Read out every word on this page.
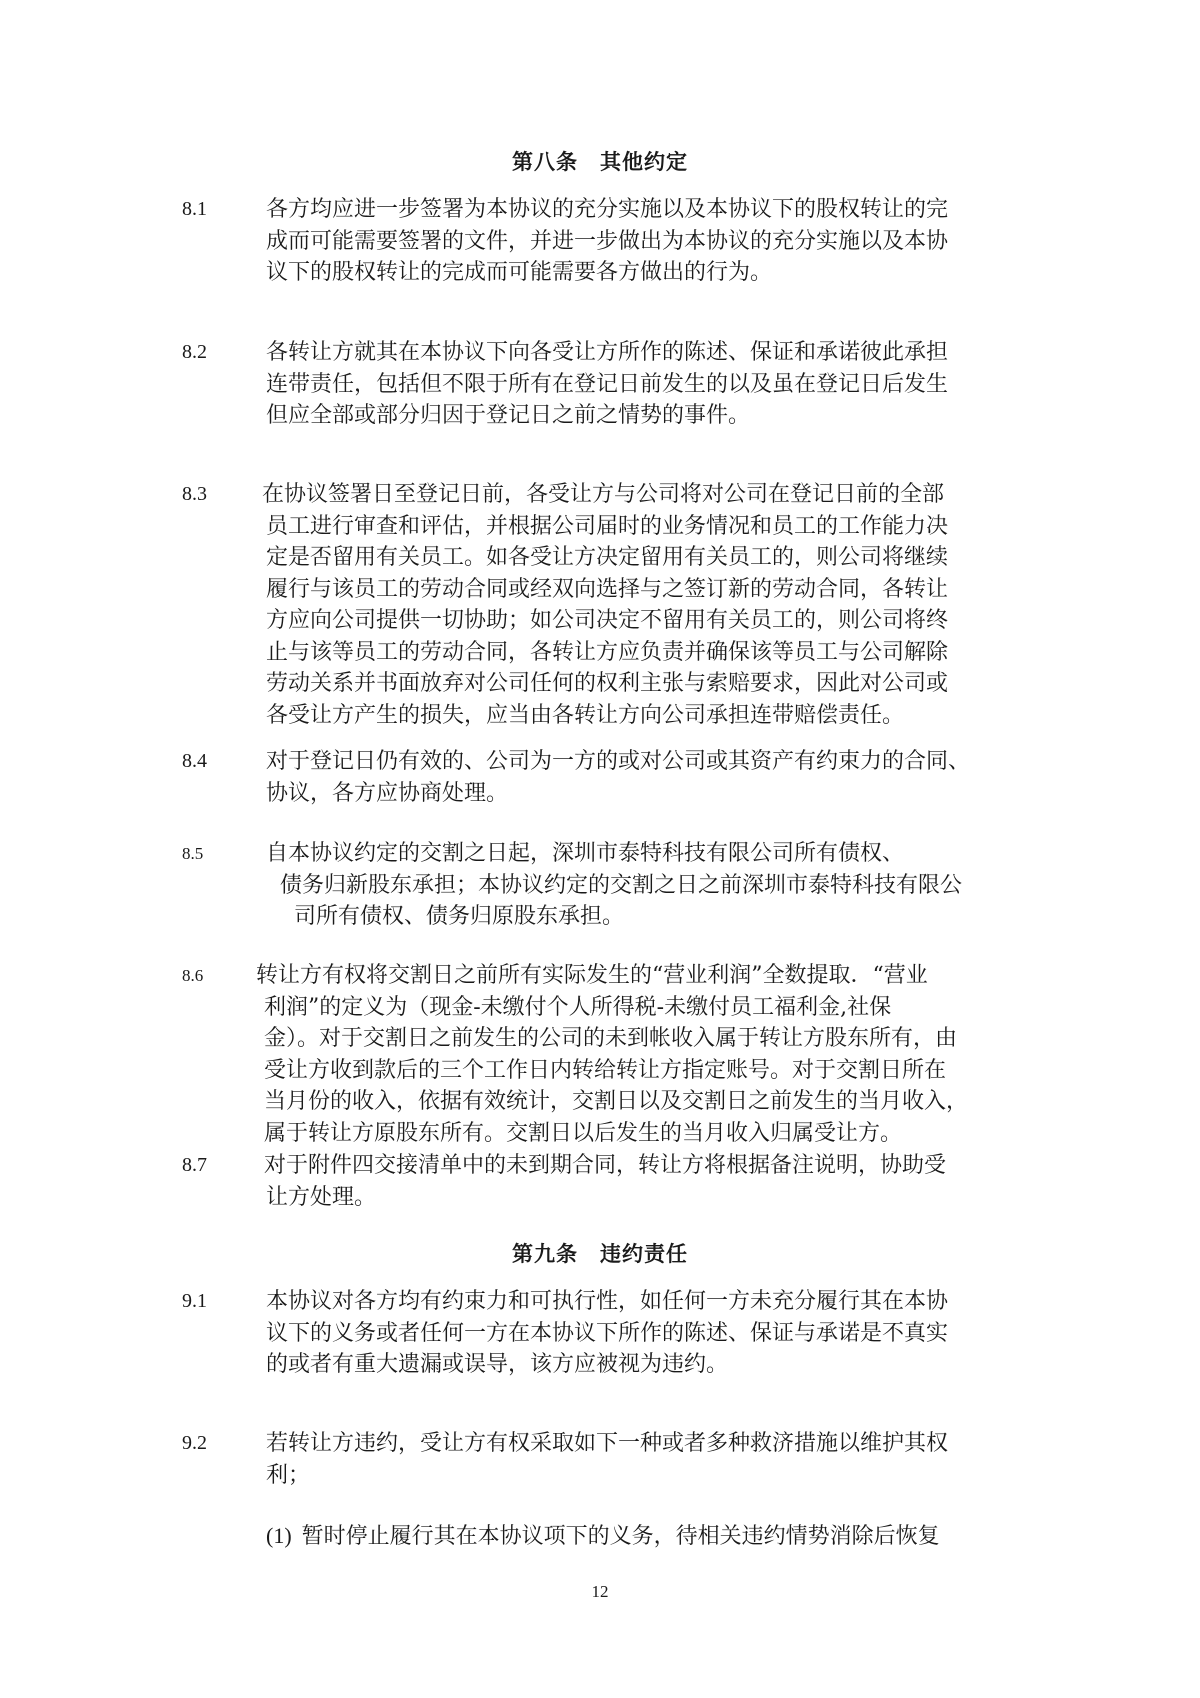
第八条　其他约定
8.1	各方均应进一步签署为本协议的充分实施以及本协议下的股权转让的完
成而可能需要签署的文件，并进一步做出为本协议的充分实施以及本协
议下的股权转让的完成而可能需要各方做出的行为。
8.2	各转让方就其在本协议下向各受让方所作的陈述、保证和承诺彼此承担
连带责任，包括但不限于所有在登记日前发生的以及虽在登记日后发生
但应全部或部分归因于登记日之前之情势的事件。
8.3	在协议签署日至登记日前，各受让方与公司将对公司在登记日前的全部
员工进行审查和评估，并根据公司届时的业务情况和员工的工作能力决
定是否留用有关员工。如各受让方决定留用有关员工的，则公司将继续
履行与该员工的劳动合同或经双向选择与之签订新的劳动合同，各转让
方应向公司提供一切协助；如公司决定不留用有关员工的，则公司将终
止与该等员工的劳动合同，各转让方应负责并确保该等员工与公司解除
劳动关系并书面放弃对公司任何的权利主张与索赔要求，因此对公司或
各受让方产生的损失，应当由各转让方向公司承担连带赔偿责任。
8.4	对于登记日仍有效的、公司为一方的或对公司或其资产有约束力的合同、
协议，各方应协商处理。
8.5	自本协议约定的交割之日起，深圳市泰特科技有限公司所有债权、
债务归新股东承担；本协议约定的交割之日之前深圳市泰特科技有限公
司所有债权、债务归原股东承担。
8.6 转让方有权将交割日之前所有实际发生的“营业利润”全数提取．“营业
利润”的定义为（现金-未缴付个人所得税-未缴付员工福利金,社保
金）。对于交割日之前发生的公司的未到帐收入属于转让方股东所有，由
受让方收到款后的三个工作日内转给转让方指定账号。对于交割日所在
当月份的收入，依据有效统计，交割日以及交割日之前发生的当月收入，
属于转让方原股东所有。交割日以后发生的当月收入归属受让方。
8.7	对于附件四交接清单中的未到期合同，转让方将根据备注说明，协助受
让方处理。
第九条　违约责任
9.1	本协议对各方均有约束力和可执行性，如任何一方未充分履行其在本协
议下的义务或者任何一方在本协议下所作的陈述、保证与承诺是不真实
的或者有重大遗漏或误导，该方应被视为违约。
9.2	若转让方违约，受让方有权采取如下一种或者多种救济措施以维护其权
利；
(1) 暂时停止履行其在本协议项下的义务，待相关违约情势消除后恢复
12
